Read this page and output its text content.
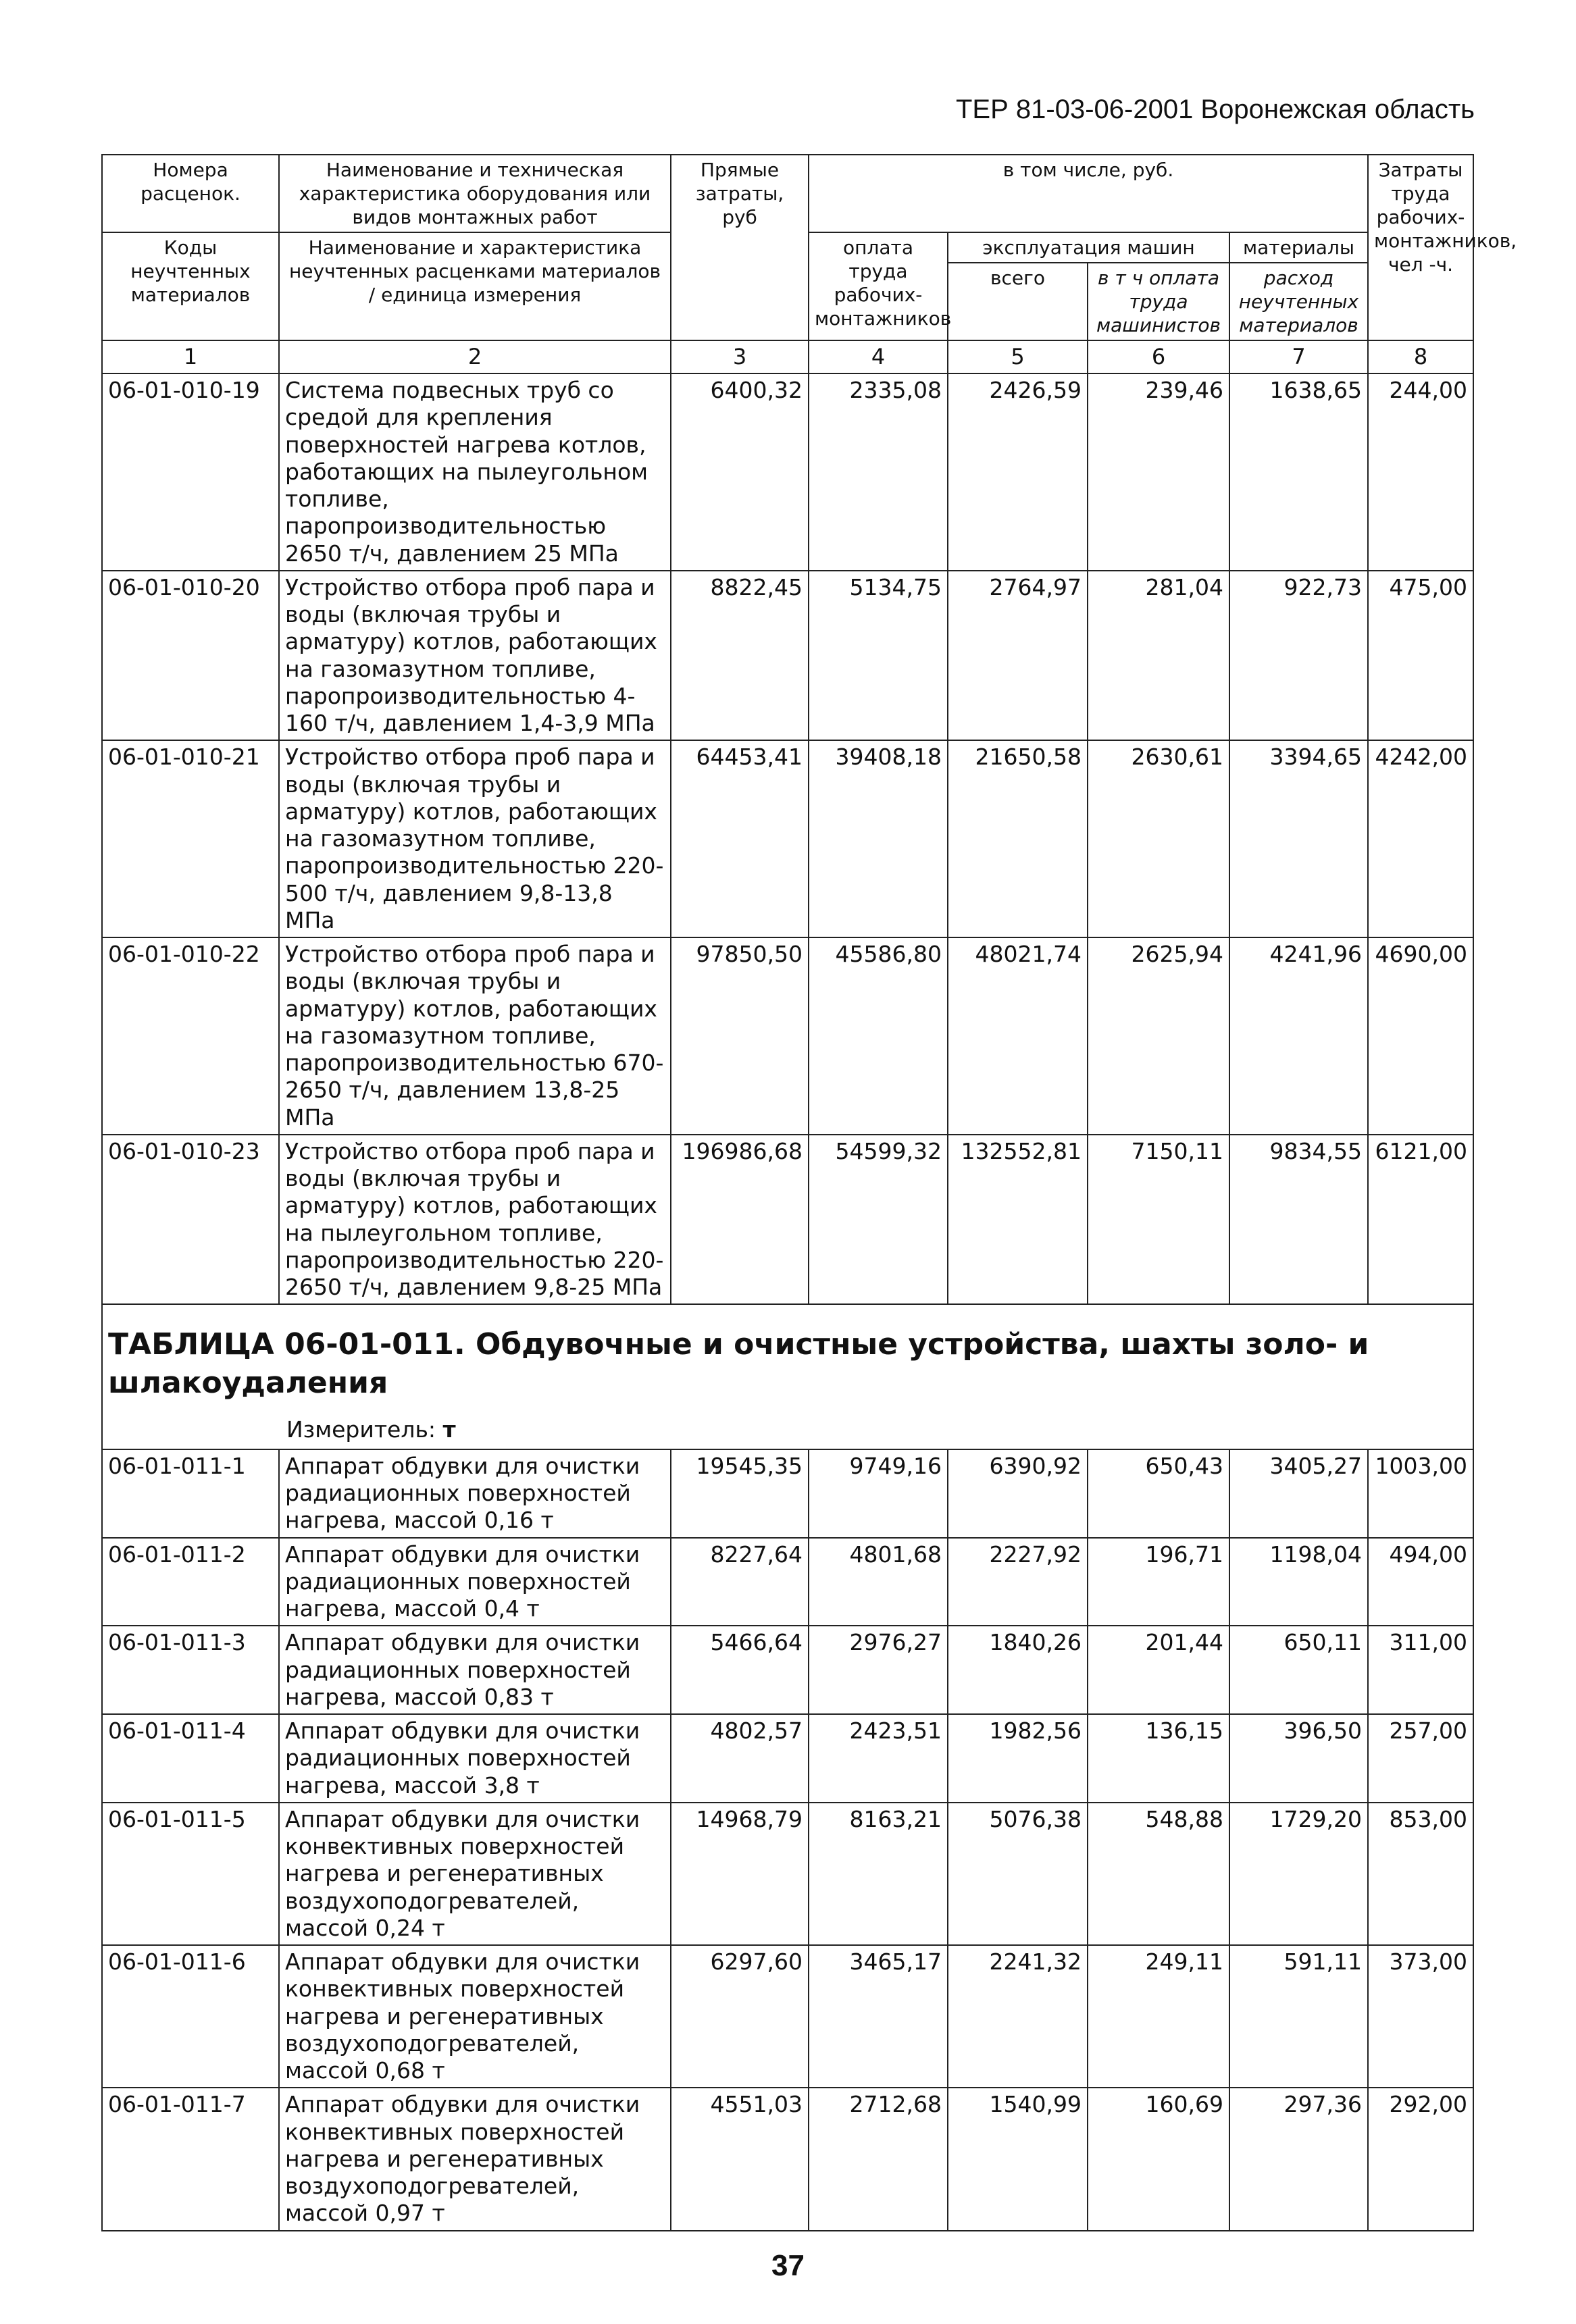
ТЕР 81-03-06-2001 Воронежская область
Номера расценок.	Наименование и техническая характеристика оборудования или видов монтажных работ	Прямые затраты, руб	в том числе, руб.				Затраты труда рабочих-монтажников, чел -ч.
Коды неучтенных материалов	Наименование и характеристика неучтенных расценками материалов / единица измерения		оплата труда рабочих-монтажников	эксплуатация машин		материалы	
				всего	в т ч оплата труда машинистов	расход неучтенных материалов	
1	2	3	4	5	6	7	8
06-01-010-19	Система подвесных труб со средой для крепления поверхностей нагрева котлов, работающих на пылеугольном топливе, паропроизводительностью 2650 т/ч, давлением 25 МПа	6400,32	2335,08	2426,59	239,46	1638,65	244,00
06-01-010-20	Устройство отбора проб пара и воды (включая трубы и арматуру) котлов, работающих на газомазутном топливе, паропроизводительностью 4-160 т/ч, давлением 1,4-3,9 МПа	8822,45	5134,75	2764,97	281,04	922,73	475,00
06-01-010-21	Устройство отбора проб пара и воды (включая трубы и арматуру) котлов, работающих на газомазутном топливе, паропроизводительностью 220-500 т/ч, давлением 9,8-13,8 МПа	64453,41	39408,18	21650,58	2630,61	3394,65	4242,00
06-01-010-22	Устройство отбора проб пара и воды (включая трубы и арматуру) котлов, работающих на газомазутном топливе, паропроизводительностью 670-2650 т/ч, давлением 13,8-25 МПа	97850,50	45586,80	48021,74	2625,94	4241,96	4690,00
06-01-010-23	Устройство отбора проб пара и воды (включая трубы и арматуру) котлов, работающих на пылеугольном топливе, паропроизводительностью 220-2650 т/ч, давлением 9,8-25 МПа	196986,68	54599,32	132552,81	7150,11	9834,55	6121,00

ТАБЛИЦА 06-01-011. Обдувочные и очистные устройства, шахты золо- и шлакоудаления							

Измеритель: т							

06-01-011-1	Аппарат обдувки для очистки радиационных поверхностей нагрева, массой 0,16 т	19545,35	9749,16	6390,92	650,43	3405,27	1003,00
06-01-011-2	Аппарат обдувки для очистки радиационных поверхностей нагрева, массой 0,4 т	8227,64	4801,68	2227,92	196,71	1198,04	494,00
06-01-011-3	Аппарат обдувки для очистки радиационных поверхностей нагрева, массой 0,83 т	5466,64	2976,27	1840,26	201,44	650,11	311,00
06-01-011-4	Аппарат обдувки для очистки радиационных поверхностей нагрева, массой 3,8 т	4802,57	2423,51	1982,56	136,15	396,50	257,00
06-01-011-5	Аппарат обдувки для очистки конвективных поверхностей нагрева и регенеративных воздухоподогревателей, массой 0,24 т	14968,79	8163,21	5076,38	548,88	1729,20	853,00
06-01-011-6	Аппарат обдувки для очистки конвективных поверхностей нагрева и регенеративных воздухоподогревателей, массой 0,68 т	6297,60	3465,17	2241,32	249,11	591,11	373,00
06-01-011-7	Аппарат обдувки для очистки конвективных поверхностей нагрева и регенеративных воздухоподогревателей, массой 0,97 т	4551,03	2712,68	1540,99	160,69	297,36	292,00
37
